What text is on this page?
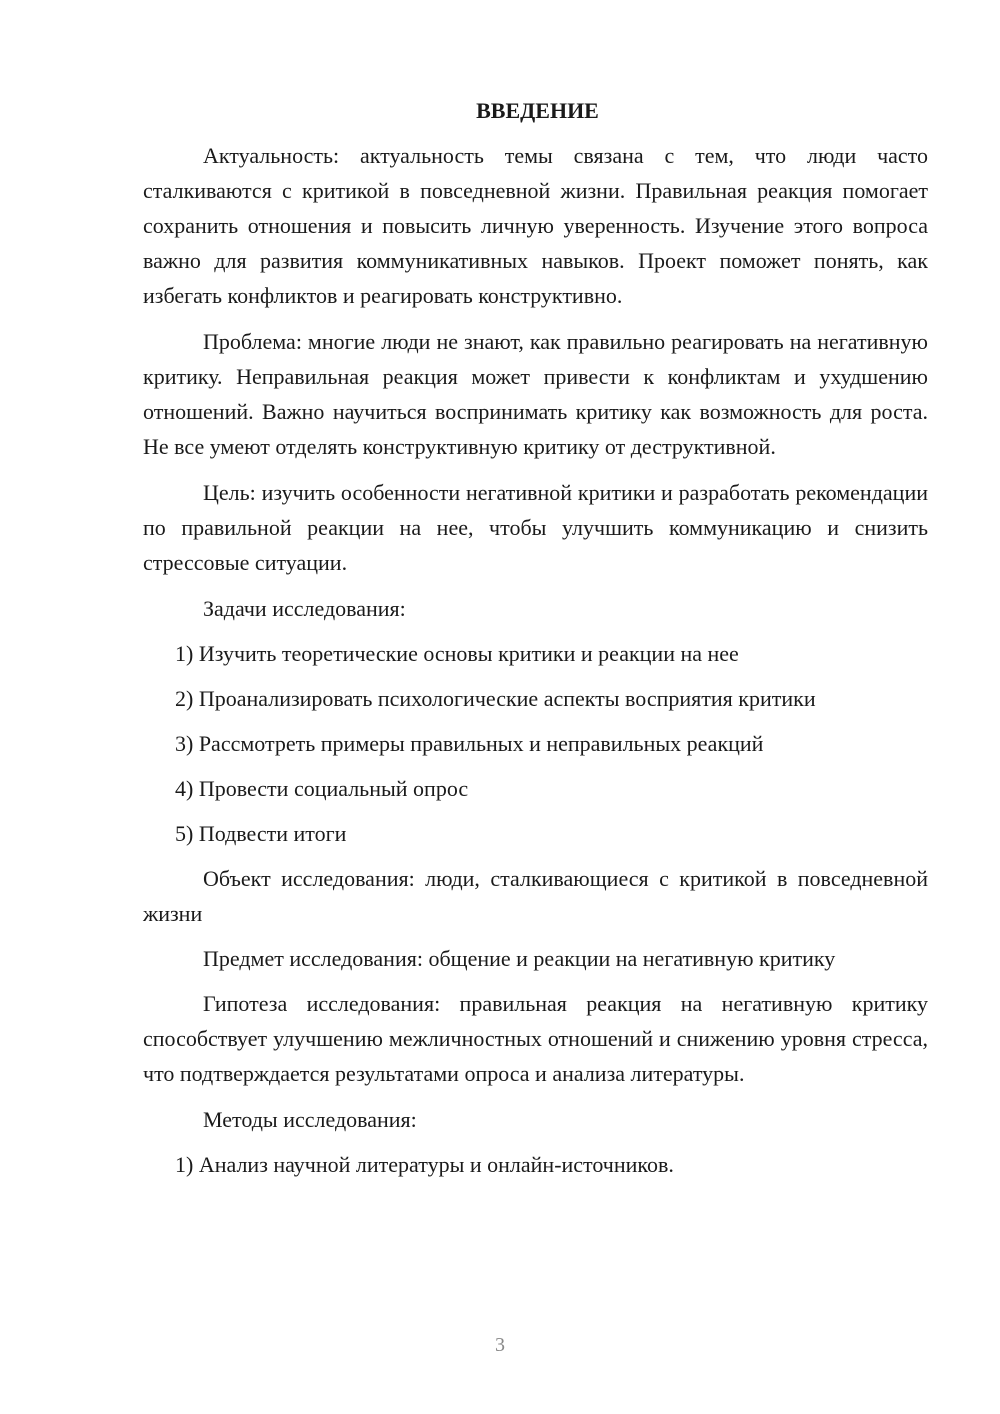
ВВЕДЕНИЕ

Актуальность: актуальность темы связана с тем, что люди часто сталкиваются с критикой в повседневной жизни. Правильная реакция помогает сохранить отношения и повысить личную уверенность. Изучение этого вопроса важно для развития коммуникативных навыков. Проект поможет понять, как избегать конфликтов и реагировать конструктивно.

Проблема: многие люди не знают, как правильно реагировать на негативную критику. Неправильная реакция может привести к конфликтам и ухудшению отношений. Важно научиться воспринимать критику как возможность для роста. Не все умеют отделять конструктивную критику от деструктивной.

Цель: изучить особенности негативной критики и разработать рекомендации по правильной реакции на нее, чтобы улучшить коммуникацию и снизить стрессовые ситуации.

Задачи исследования:
1) Изучить теоретические основы критики и реакции на нее
2) Проанализировать психологические аспекты восприятия критики
3) Рассмотреть примеры правильных и неправильных реакций
4) Провести социальный опрос
5) Подвести итоги

Объект исследования: люди, сталкивающиеся с критикой в повседневной жизни

Предмет исследования: общение и реакции на негативную критику

Гипотеза исследования: правильная реакция на негативную критику способствует улучшению межличностных отношений и снижению уровня стресса, что подтверждается результатами опроса и анализа литературы.

Методы исследования:
1) Анализ научной литературы и онлайн-источников.
3
